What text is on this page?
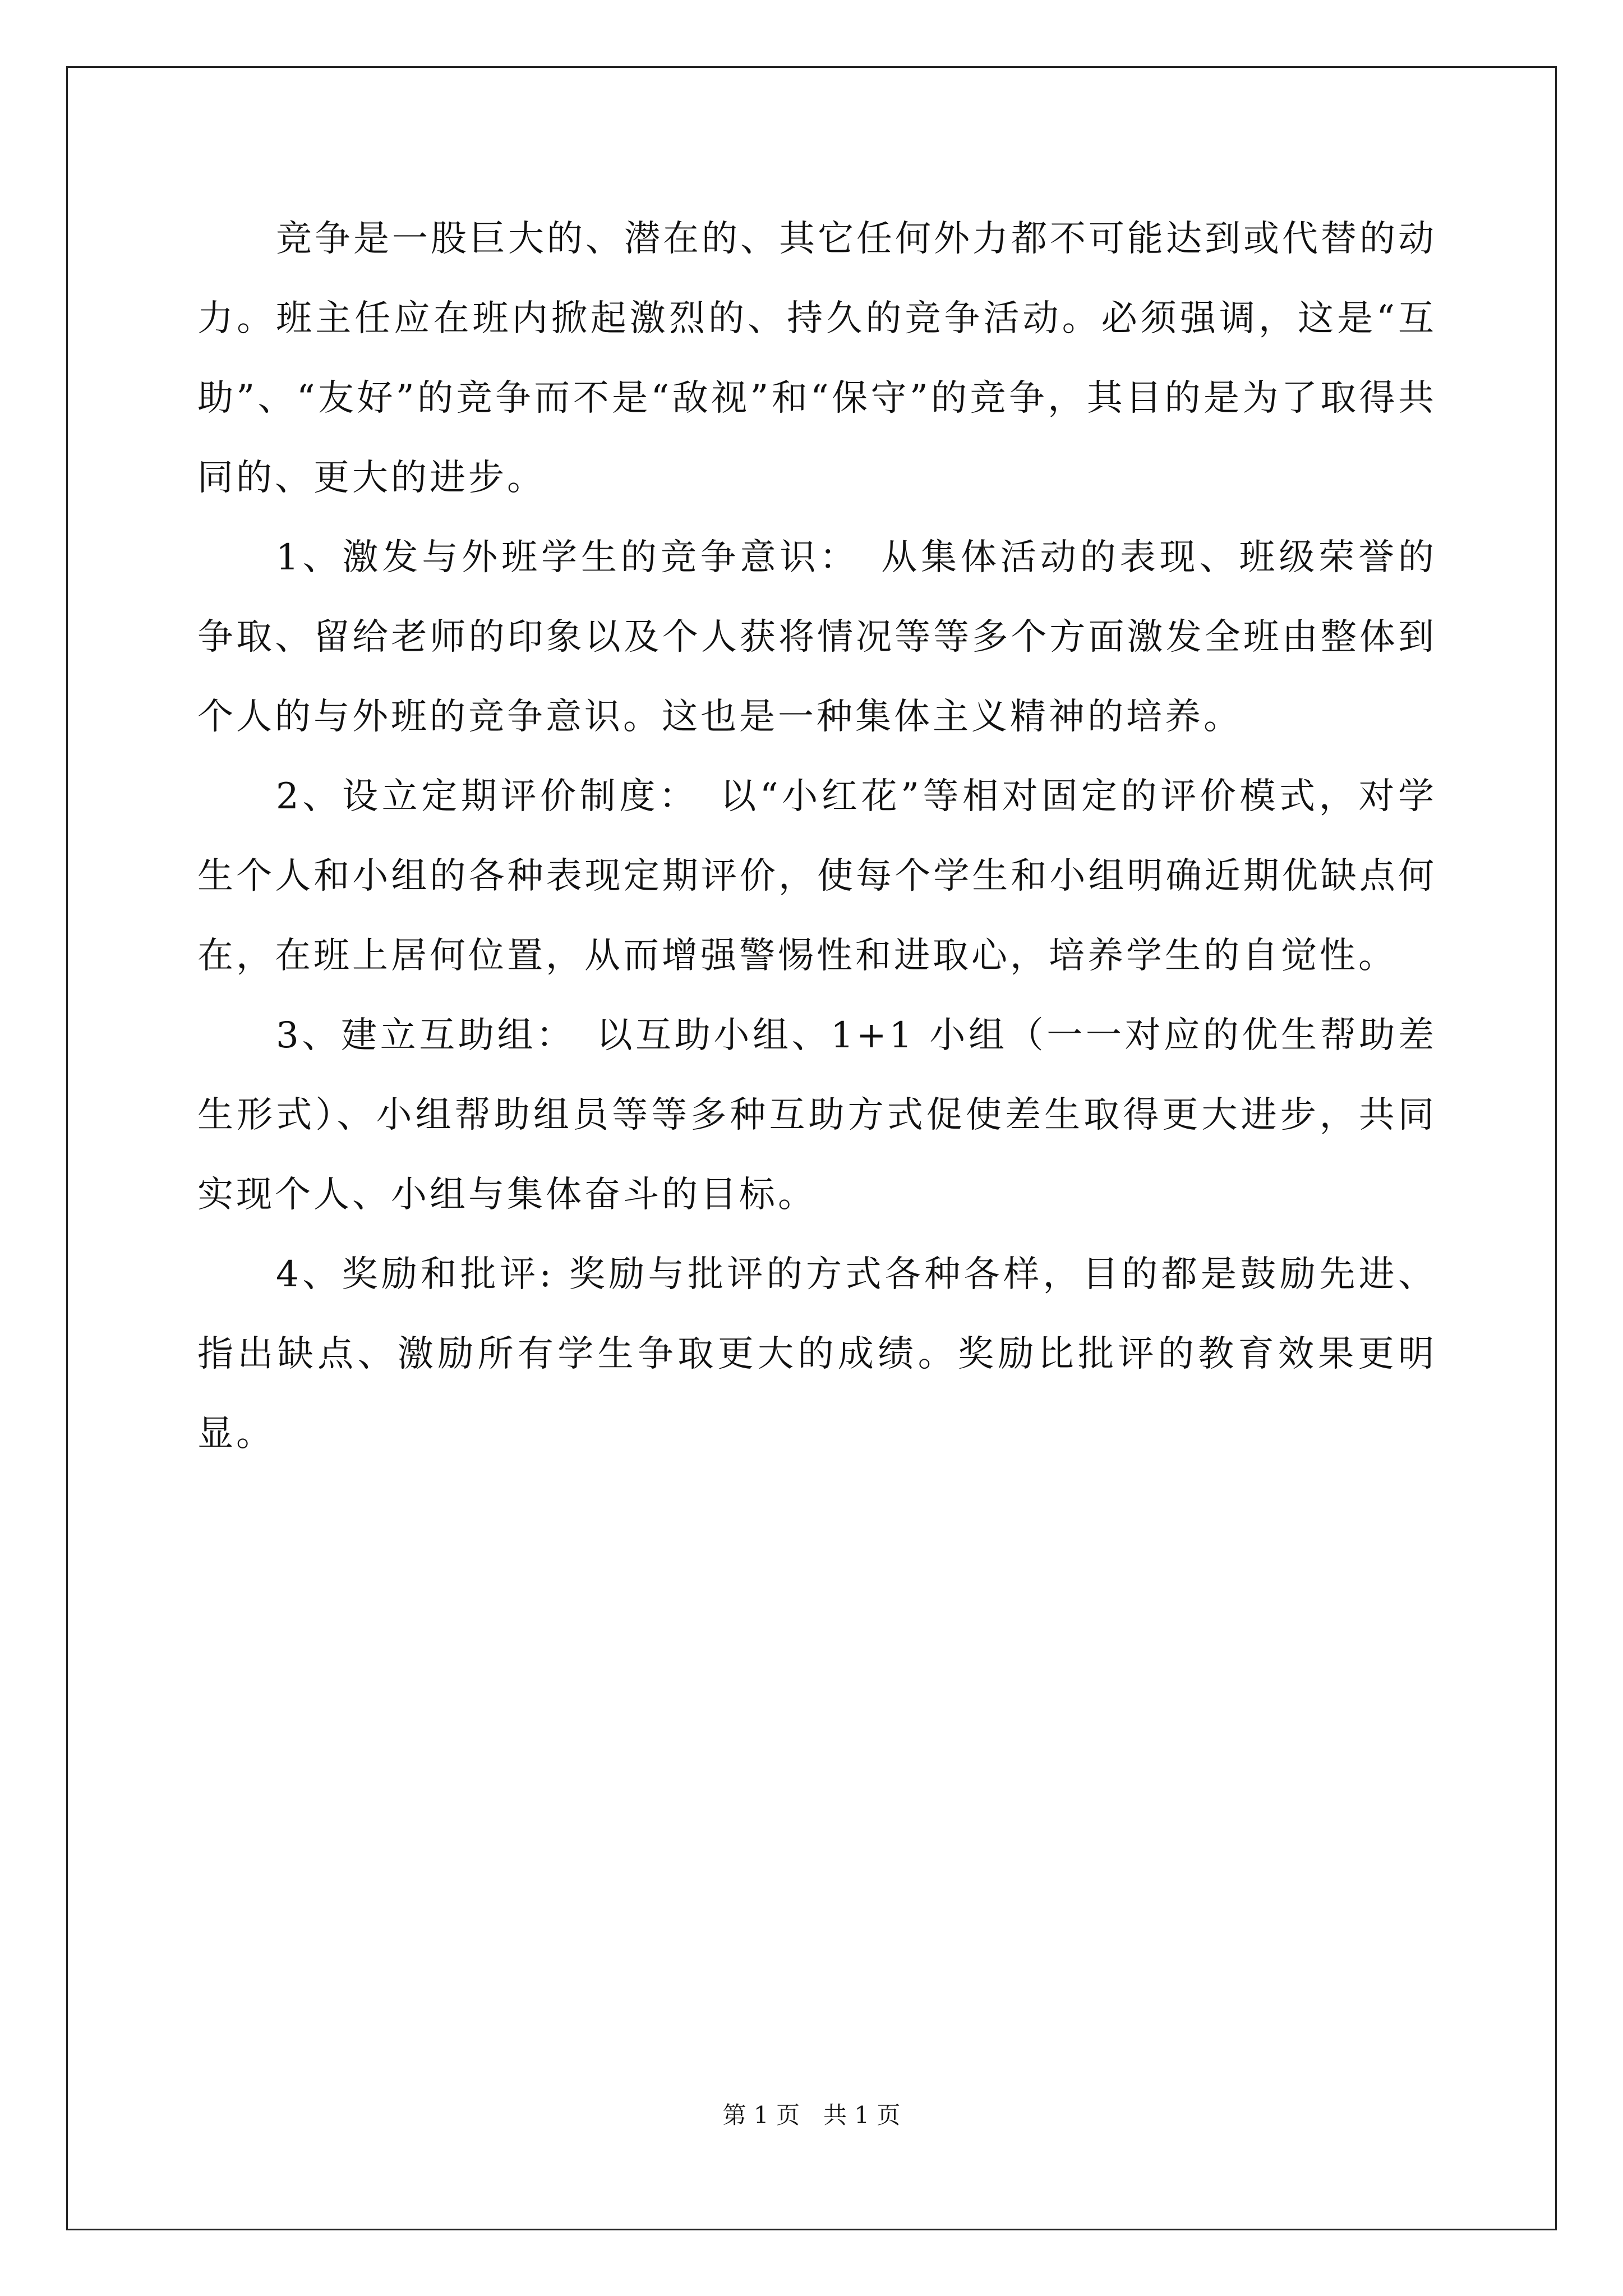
竞争是一股巨大的、潜在的、其它任何外力都不可能达到或代替的动力。班主任应在班内掀起激烈的、持久的竞争活动。必须强调，这是“互助”、“友好”的竞争而不是“敌视”和“保守”的竞争，其目的是为了取得共同的、更大的进步。

1、激发与外班学生的竞争意识：　从集体活动的表现、班级荣誉的争取、留给老师的印象以及个人获将情况等等多个方面激发全班由整体到个人的与外班的竞争意识。这也是一种集体主义精神的培养。

2、设立定期评价制度：　以“小红花”等相对固定的评价模式，对学生个人和小组的各种表现定期评价，使每个学生和小组明确近期优缺点何在，在班上居何位置，从而增强警惕性和进取心，培养学生的自觉性。

3、建立互助组：　以互助小组、1+1 小组（一一对应的优生帮助差生形式）、小组帮助组员等等多种互助方式促使差生取得更大进步，共同实现个人、小组与集体奋斗的目标。

4、奖励和批评: 奖励与批评的方式各种各样，目的都是鼓励先进、指出缺点、激励所有学生争取更大的成绩。奖励比批评的教育效果更明显。

第 1 页　共 1 页
